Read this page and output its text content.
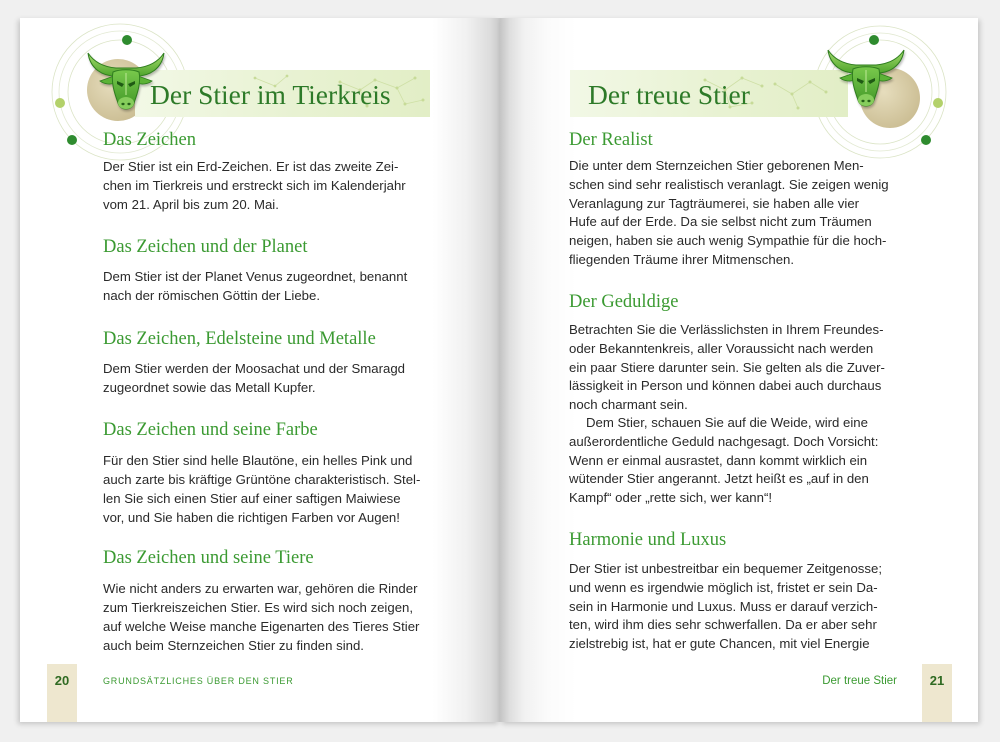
Der Stier im Tierkreis
Das Zeichen
Der Stier ist ein Erd-Zeichen. Er ist das zweite Zei-
chen im Tierkreis und erstreckt sich im Kalenderjahr
vom 21. April bis zum 20. Mai.
Das Zeichen und der Planet
Dem Stier ist der Planet Venus zugeordnet, benannt
nach der römischen Göttin der Liebe.
Das Zeichen, Edelsteine und Metalle
Dem Stier werden der Moosachat und der Smaragd
zugeordnet sowie das Metall Kupfer.
Das Zeichen und seine Farbe
Für den Stier sind helle Blautöne, ein helles Pink und
auch zarte bis kräftige Grüntöne charakteristisch. Stel-
len Sie sich einen Stier auf einer saftigen Maiwiese
vor, und Sie haben die richtigen Farben vor Augen!
Das Zeichen und seine Tiere
Wie nicht anders zu erwarten war, gehören die Rinder
zum Tierkreiszeichen Stier. Es wird sich noch zeigen,
auf welche Weise manche Eigenarten des Tieres Stier
auch beim Sternzeichen Stier zu finden sind.
20	GRUNDSÄTZLICHES ÜBER DEN STIER
Der treue Stier
Der Realist
Die unter dem Sternzeichen Stier geborenen Men-
schen sind sehr realistisch veranlagt. Sie zeigen wenig
Veranlagung zur Tagträumerei, sie haben alle vier
Hufe auf der Erde. Da sie selbst nicht zum Träumen
neigen, haben sie auch wenig Sympathie für die hoch-
fliegenden Träume ihrer Mitmenschen.
Der Geduldige
Betrachten Sie die Verlässlichsten in Ihrem Freundes-
oder Bekanntenkreis, aller Voraussicht nach werden
ein paar Stiere darunter sein. Sie gelten als die Zuver-
lässigkeit in Person und können dabei auch durchaus
noch charmant sein.
Dem Stier, schauen Sie auf die Weide, wird eine
außerordentliche Geduld nachgesagt. Doch Vorsicht:
Wenn er einmal ausrastet, dann kommt wirklich ein
wütender Stier angerannt. Jetzt heißt es „auf in den
Kampf“ oder „rette sich, wer kann“!
Harmonie und Luxus
Der Stier ist unbestreitbar ein bequemer Zeitgenosse;
und wenn es irgendwie möglich ist, fristet er sein Da-
sein in Harmonie und Luxus. Muss er darauf verzich-
ten, wird ihm dies sehr schwerfallen. Da er aber sehr
zielstrebig ist, hat er gute Chancen, mit viel Energie
Der treue Stier	21
